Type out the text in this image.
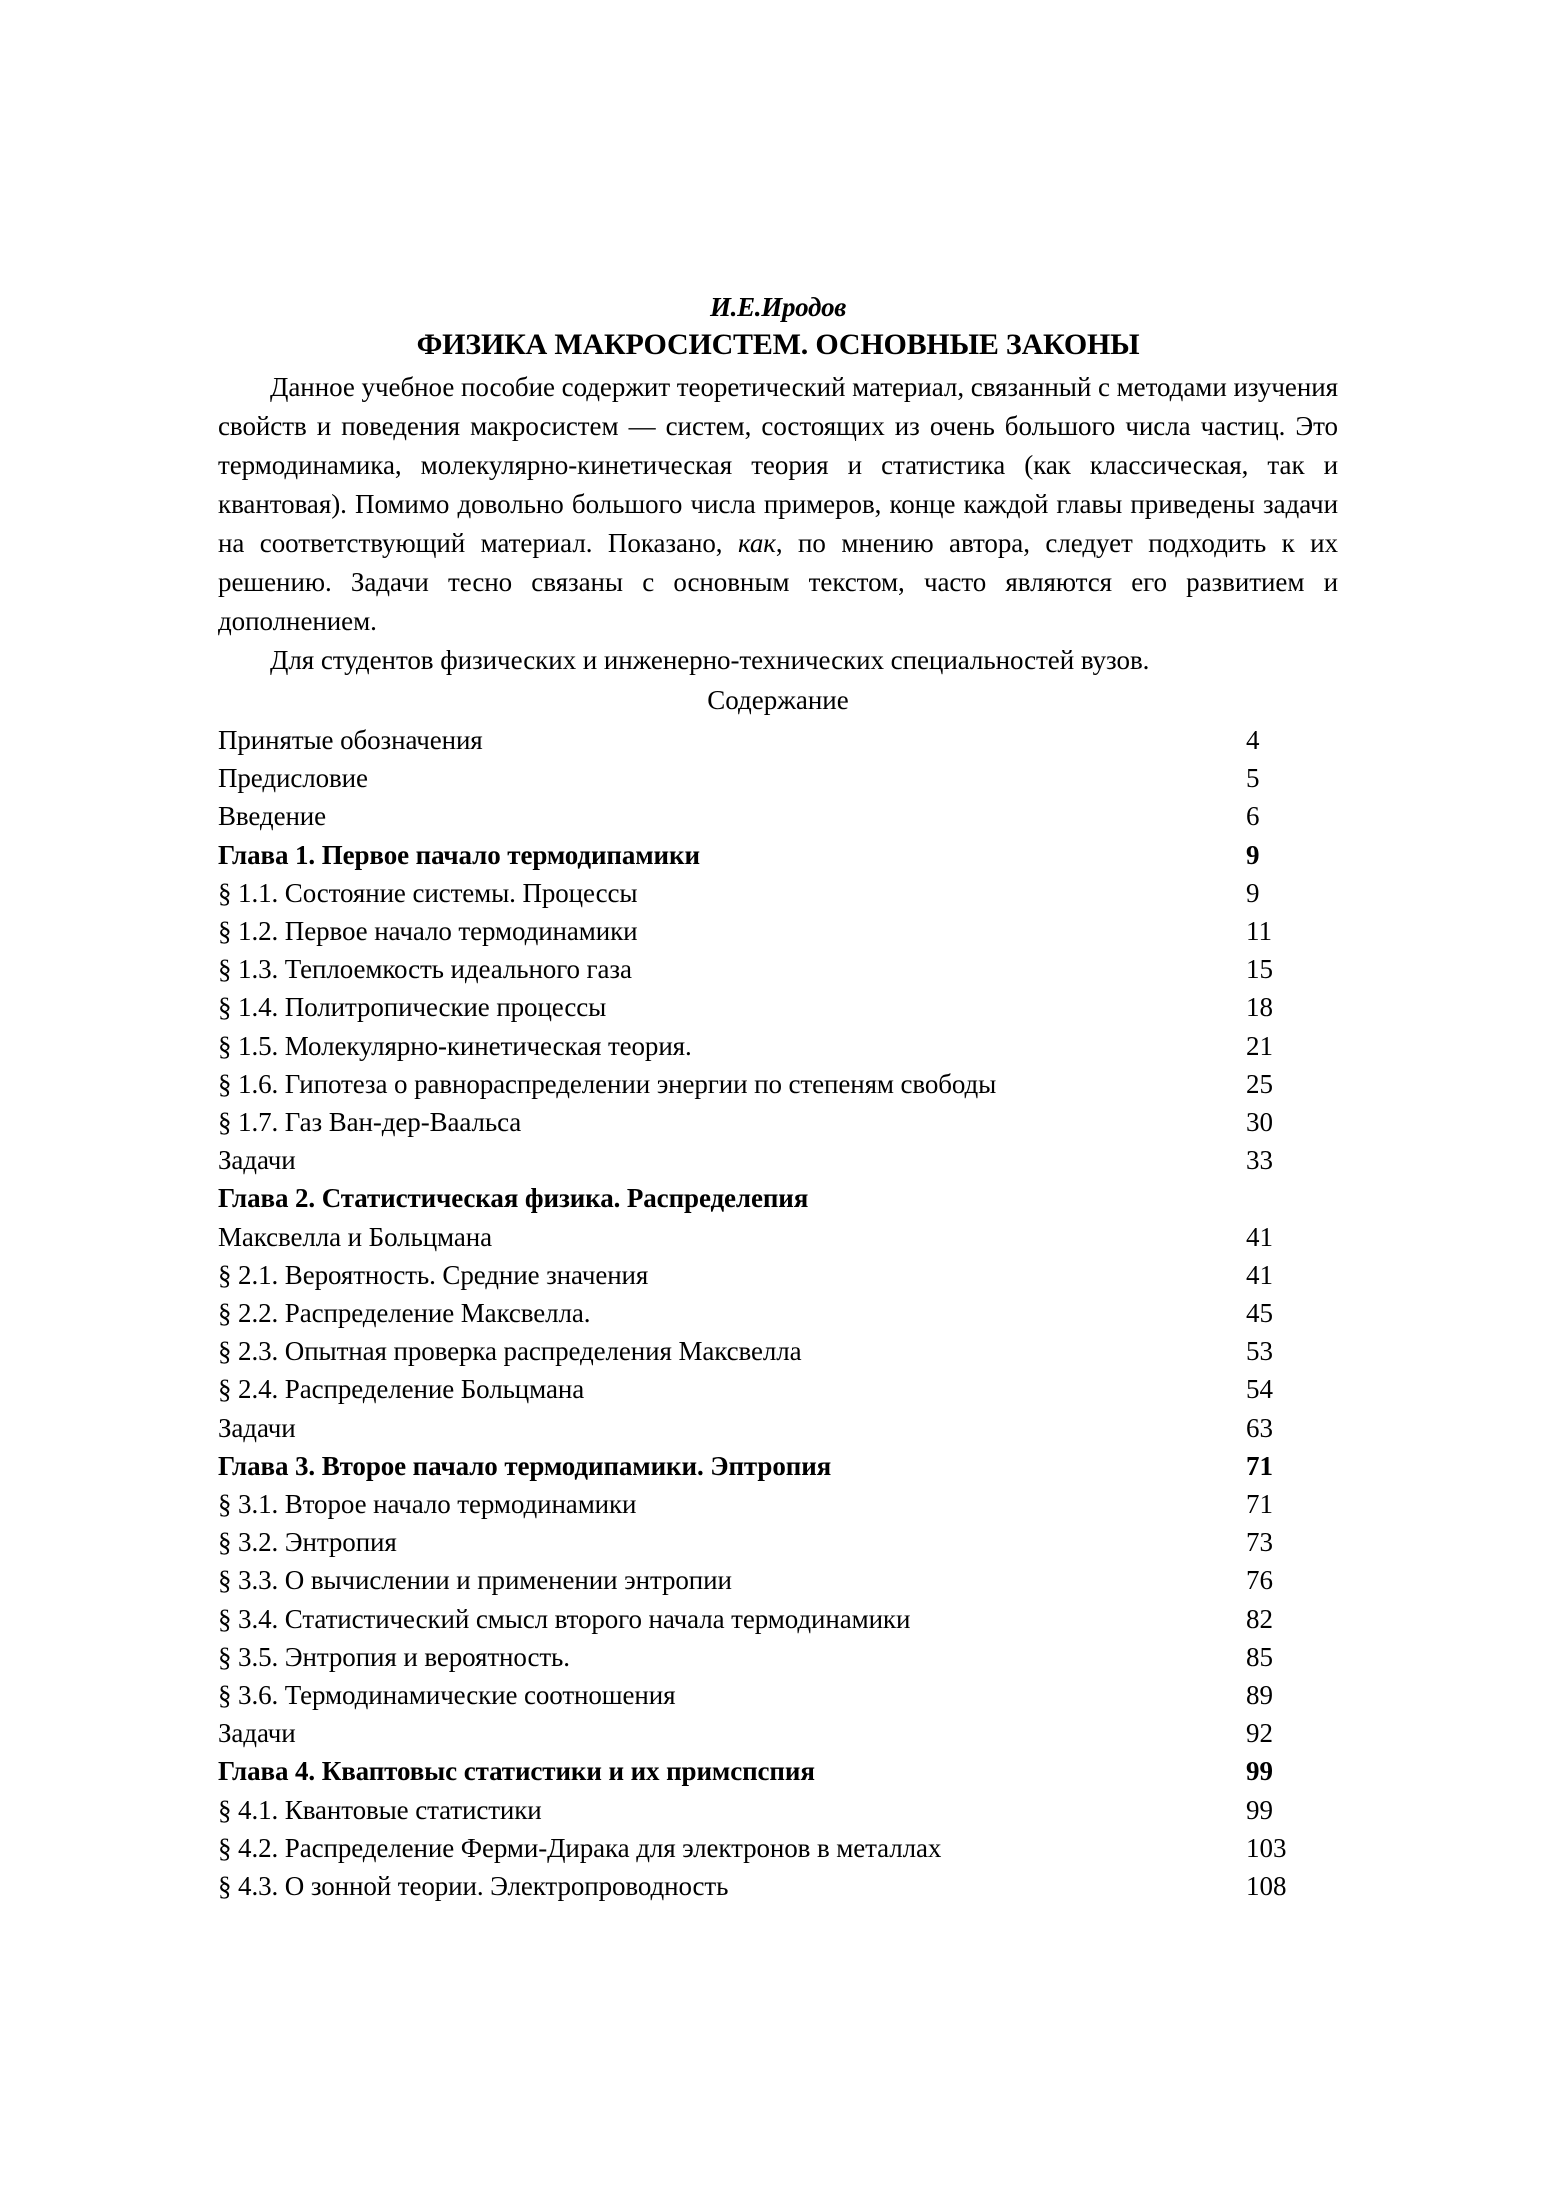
И.Е.Иродов
ФИЗИКА МАКРОСИСТЕМ. ОСНОВНЫЕ ЗАКОНЫ

Данное учебное пособие содержит теоретический материал, связанный с методами изучения свойств и поведения макросистем — систем, состоящих из очень большого числа частиц. Это термодинамика, молекулярно-кинетическая теория и статистика (как классическая, так и квантовая). Помимо довольно большого числа примеров, конце каждой главы приведены задачи на соответствующий материал. Показано, как, по мнению автора, следует подходить к их решению. Задачи тесно связаны с основным текстом, часто являются его развитием и дополнением.

Для студентов физических и инженерно-технических специальностей вузов.

Содержание
Принятые обозначения	4
Предисловие	5
Введение	6
Глава 1. Первое пачало термодипамики	9
§ 1.1. Состояние системы. Процессы	9
§ 1.2. Первое начало термодинамики	11
§ 1.3. Теплоемкость идеального газа	15
§ 1.4. Политропические процессы	18
§ 1.5. Молекулярно-кинетическая теория.	21
§ 1.6. Гипотеза о равнораспределении энергии по степеням свободы	25
§ 1.7. Газ Ван-дер-Ваальса	30
Задачи	33
Глава 2. Статистическая физика. Распределепия
Максвелла и Больцмана	41
§ 2.1. Вероятность. Средние значения	41
§ 2.2. Распределение Максвелла.	45
§ 2.3. Опытная проверка распределения Максвелла	53
§ 2.4. Распределение Больцмана	54
Задачи	63
Глава 3. Второе пачало термодипамики. Эптропия	71
§ 3.1. Второе начало термодинамики	71
§ 3.2. Энтропия	73
§ 3.3. О вычислении и применении энтропии	76
§ 3.4. Статистический смысл второго начала термодинамики	82
§ 3.5. Энтропия и вероятность.	85
§ 3.6. Термодинамические соотношения	89
Задачи	92
Глава 4. Кваптовыс статистики и их примспспия	99
§ 4.1. Квантовые статистики	99
§ 4.2. Распределение Ферми-Дирака для электронов в металлах	103
§ 4.3. О зонной теории. Электропроводность	108
